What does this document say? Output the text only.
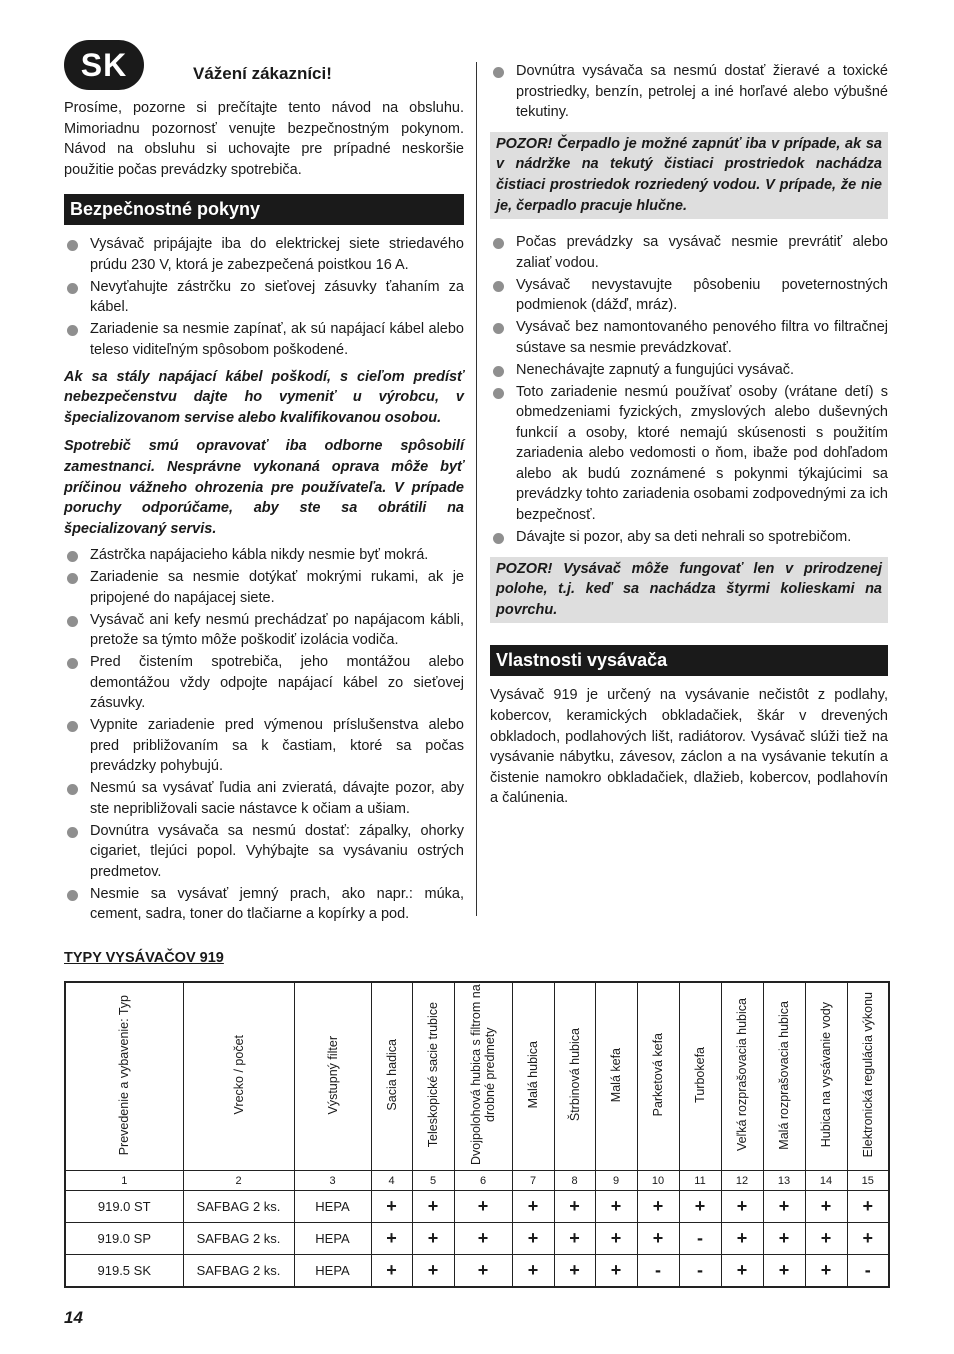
SK	Vážení zákazníci!

Prosíme, pozorne si prečítajte tento návod na obsluhu. Mimoriadnu pozornosť venujte bezpečnostným pokynom. Návod na obsluhu si uchovajte pre prípadné neskoršie použitie počas prevádzky spotrebiča.

Bezpečnostné pokyny
Vysávač pripájajte iba do elektrickej siete striedavého prúdu 230 V, ktorá je zabezpečená poistkou 16 A.
Nevyťahujte zástrčku zo sieťovej zásuvky ťahaním za kábel.
Zariadenie sa nesmie zapínať, ak sú napájací kábel alebo teleso viditeľným spôsobom poškodené.

Ak sa stály napájací kábel poškodí, s cieľom predísť nebezpečenstvu dajte ho vymeniť u výrobcu, v špecializovanom servise alebo kvalifikovanou osobou.

Spotrebič smú opravovať iba odborne spôsobilí zamestnanci. Nesprávne vykonaná oprava môže byť príčinou vážneho ohrozenia pre používateľa. V prípade poruchy odporúčame, aby ste sa obrátili na špecializovaný servis.

Zástrčka napájacieho kábla nikdy nesmie byť mokrá.
Zariadenie sa nesmie dotýkať mokrými rukami, ak je pripojené do napájacej siete.
Vysávač ani kefy nesmú prechádzať po napájacom kábli, pretože sa týmto môže poškodiť izolácia vodiča.
Pred čistením spotrebiča, jeho montážou alebo demontážou vždy odpojte napájací kábel zo sieťovej zásuvky.
Vypnite zariadenie pred výmenou príslušenstva alebo pred približovaním sa k častiam, ktoré sa počas prevádzky pohybujú.
Nesmú sa vysávať ľudia ani zvieratá, dávajte pozor, aby ste nepribližovali sacie nástavce k očiam a ušiam.
Dovnútra vysávača sa nesmú dostať: zápalky, ohorky cigariet, tlejúci popol. Vyhýbajte sa vysávaniu ostrých predmetov.
Nesmie sa vysávať jemný prach, ako napr.: múka, cement, sadra, toner do tlačiarne a kopírky a pod.
Dovnútra vysávača sa nesmú dostať žieravé a toxické prostriedky, benzín, petrolej a iné horľavé alebo výbušné tekutiny.
POZOR! Čerpadlo je možné zapnúť iba v prípade, ak sa v nádržke na tekutý čistiaci prostriedok nachádza čistiaci prostriedok rozriedený vodou. V prípade, že nie je, čerpadlo pracuje hlučne.
Počas prevádzky sa vysávač nesmie prevrátiť alebo zaliať vodou.
Vysávač nevystavujte pôsobeniu poveternostných podmienok (dážď, mráz).
Vysávač bez namontovaného penového filtra vo filtračnej sústave sa nesmie prevádzkovať.
Nenechávajte zapnutý a fungujúci vysávač.
Toto zariadenie nesmú používať osoby (vrátane detí) s obmedzeniami fyzických, zmyslových alebo duševných funkcií a osoby, ktoré nemajú skúsenosti s použitím zariadenia alebo vedomosti o ňom, ibaže pod dohľadom alebo ak budú zoznámené s pokynmi týkajúcimi sa prevádzky tohto zariadenia osobami zodpovednými za ich bezpečnosť.
Dávajte si pozor, aby sa deti nehrali so spotrebičom.
POZOR! Vysávač môže fungovať len v prirodzenej polohe, t.j. keď sa nachádza štyrmi kolieskami na povrchu.
Vlastnosti vysávača

Vysávač 919 je určený na vysávanie nečistôt z podlahy, kobercov, keramických obkladačiek, škár v drevených obkladoch, podlahových lišt, radiátorov. Vysávač slúži tiež na vysávanie nábytku, závesov, záclon a na vysávanie tekutín a čistenie namokro obkladačiek, dlažieb, kobercov, podlahovín a čalúnenia.

TYPY VYSÁVAČOV 919
Prevedenie a vybavenie: Typ	Vrecko / počet	Výstupný filter	Sacia hadica	Teleskopické sacie trubice	Dvojpolohová hubica s filtrom na drobné predmety	Malá hubica	Štrbinová hubica	Malá kefa	Parketová kefa	Turbokefa	Veľká rozprašovacia hubica	Malá rozprašovacia hubica	Hubica na vysávanie vody	Elektronická regulácia výkonu
1	2	3	4	5	6	7	8	9	10	11	12	13	14	15
919.0 ST	SAFBAG 2 ks.	HEPA	+	+	+	+	+	+	+	+	+	+	+	+
919.0 SP	SAFBAG 2 ks.	HEPA	+	+	+	+	+	+	+	-	+	+	+	+
919.5 SK	SAFBAG 2 ks.	HEPA	+	+	+	+	+	+	-	-	+	+	+	-
14
